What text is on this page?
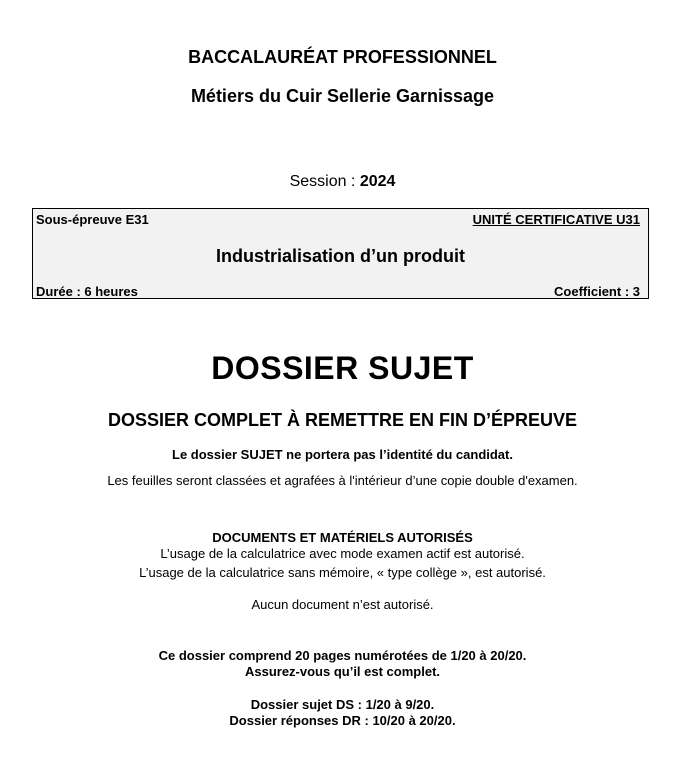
BACCALAURÉAT PROFESSIONNEL
Métiers du Cuir Sellerie Garnissage
Session : 2024
Sous-épreuve E31	UNITÉ CERTIFICATIVE U31
Industrialisation d’un produit
Durée : 6 heures	Coefficient : 3
DOSSIER SUJET
DOSSIER COMPLET À REMETTRE EN FIN D’ÉPREUVE
Le dossier SUJET ne portera pas l’identité du candidat.
Les feuilles seront classées et agrafées à l'intérieur d’une copie double d'examen.
DOCUMENTS ET MATÉRIELS AUTORISÉS
L’usage de la calculatrice avec mode examen actif est autorisé.
L’usage de la calculatrice sans mémoire, « type collège », est autorisé.
Aucun document n’est autorisé.
Ce dossier comprend 20 pages numérotées de 1/20 à 20/20.
Assurez-vous qu’il est complet.
Dossier sujet DS : 1/20 à 9/20.
Dossier réponses DR : 10/20 à 20/20.
